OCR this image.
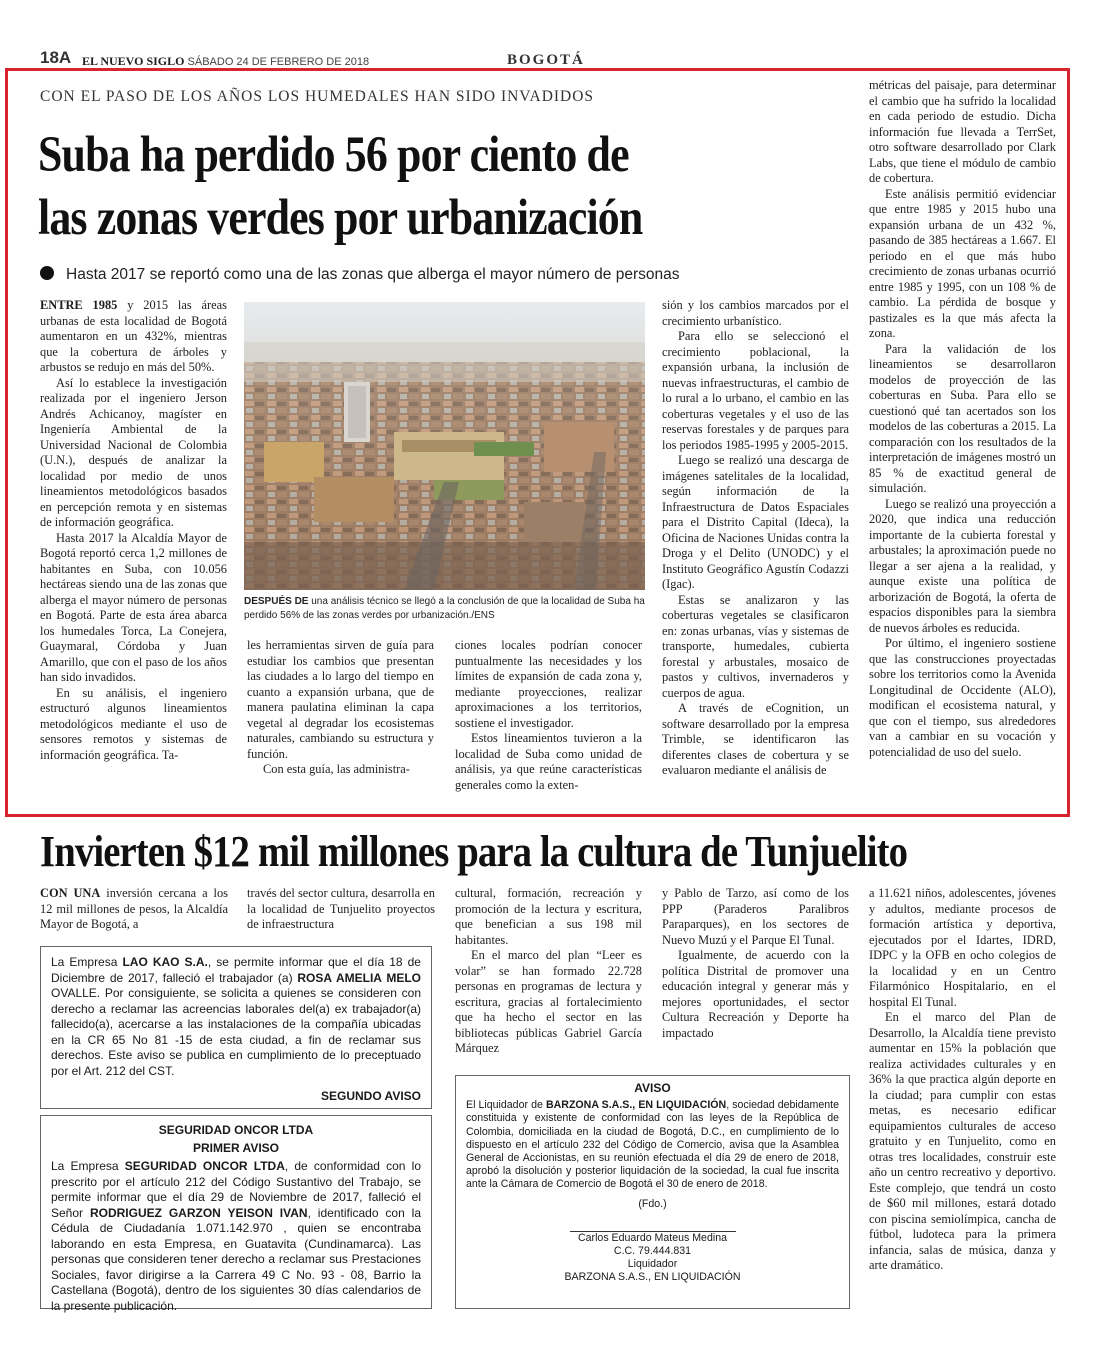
18A EL NUEVO SIGLO SÁBADO 24 DE FEBRERO DE 2018	BOGOTÁ
CON EL PASO DE LOS AÑOS LOS HUMEDALES HAN SIDO INVADIDOS
Suba ha perdido 56 por ciento de
las zonas verdes por urbanización
Hasta 2017 se reportó como una de las zonas que alberga el mayor número de personas
ENTRE 1985 y 2015 las áreas urbanas de esta localidad de Bogotá aumentaron en un 432%, mientras que la cobertura de árboles y arbustos se redujo en más del 50%.
Así lo establece la investigación realizada por el ingeniero Jerson Andrés Achicanoy, magíster en Ingeniería Ambiental de la Universidad Nacional de Colombia (U.N.), después de analizar la localidad por medio de unos lineamientos metodológicos basados en percepción remota y en sistemas de información geográfica.
Hasta 2017 la Alcaldía Mayor de Bogotá reportó cerca 1,2 millones de habitantes en Suba, con 10.056 hectáreas siendo una de las zonas que alberga el mayor número de personas en Bogotá. Parte de esta área abarca los humedales Torca, La Conejera, Guaymaral, Córdoba y Juan Amarillo, que con el paso de los años han sido invadidos.
En su análisis, el ingeniero estructuró algunos lineamientos metodológicos mediante el uso de sensores remotos y sistemas de información geográfica. Ta-
DESPUÉS DE una análisis técnico se llegó a la conclusión de que la localidad de Suba ha perdido 56% de las zonas verdes por urbanización./ENS
les herramientas sirven de guía para estudiar los cambios que presentan las ciudades a lo largo del tiempo en cuanto a expansión urbana, que de manera paulatina eliminan la capa vegetal al degradar los ecosistemas naturales, cambiando su estructura y función.
Con esta guía, las administra-
ciones locales podrían conocer puntualmente las necesidades y los límites de expansión de cada zona y, mediante proyecciones, realizar aproximaciones a los territorios, sostiene el investigador.
Estos lineamientos tuvieron a la localidad de Suba como unidad de análisis, ya que reúne características generales como la exten-
sión y los cambios marcados por el crecimiento urbanístico.
Para ello se seleccionó el crecimiento poblacional, la expansión urbana, la inclusión de nuevas infraestructuras, el cambio de lo rural a lo urbano, el cambio en las coberturas vegetales y el uso de las reservas forestales y de parques para los periodos 1985-1995 y 2005-2015.
Luego se realizó una descarga de imágenes satelitales de la localidad, según información de la Infraestructura de Datos Espaciales para el Distrito Capital (Ideca), la Oficina de Naciones Unidas contra la Droga y el Delito (UNODC) y el Instituto Geográfico Agustín Codazzi (Igac).
Estas se analizaron y las coberturas vegetales se clasificaron en: zonas urbanas, vías y sistemas de transporte, humedales, cubierta forestal y arbustales, mosaico de pastos y cultivos, invernaderos y cuerpos de agua.
A través de eCognition, un software desarrollado por la empresa Trimble, se identificaron las diferentes clases de cobertura y se evaluaron mediante el análisis de
métricas del paisaje, para determinar el cambio que ha sufrido la localidad en cada periodo de estudio. Dicha información fue llevada a TerrSet, otro software desarrollado por Clark Labs, que tiene el módulo de cambio de cobertura.
Este análisis permitió evidenciar que entre 1985 y 2015 hubo una expansión urbana de un 432 %, pasando de 385 hectáreas a 1.667. El periodo en el que más hubo crecimiento de zonas urbanas ocurrió entre 1985 y 1995, con un 108 % de cambio. La pérdida de bosque y pastizales es la que más afecta la zona.
Para la validación de los lineamientos se desarrollaron modelos de proyección de las coberturas en Suba. Para ello se cuestionó qué tan acertados son los modelos de las coberturas a 2015. La comparación con los resultados de la interpretación de imágenes mostró un 85 % de exactitud general de simulación.
Luego se realizó una proyección a 2020, que indica una reducción importante de la cubierta forestal y arbustales; la aproximación puede no llegar a ser ajena a la realidad, y aunque existe una política de arborización de Bogotá, la oferta de espacios disponibles para la siembra de nuevos árboles es reducida.
Por último, el ingeniero sostiene que las construcciones proyectadas sobre los territorios como la Avenida Longitudinal de Occidente (ALO), modifican el ecosistema natural, y que con el tiempo, sus alrededores van a cambiar en su vocación y potencialidad de uso del suelo.
Invierten $12 mil millones para la cultura de Tunjuelito
CON UNA inversión cercana a los 12 mil millones de pesos, la Alcaldía Mayor de Bogotá, a
través del sector cultura, desarrolla en la localidad de Tunjuelito proyectos de infraestructura
cultural, formación, recreación y promoción de la lectura y escritura, que benefician a sus 198 mil habitantes.
En el marco del plan “Leer es volar” se han formado 22.728 personas en programas de lectura y escritura, gracias al fortalecimiento que ha hecho el sector en las bibliotecas públicas Gabriel García Márquez
y Pablo de Tarzo, así como de los PPP (Paraderos Paralibros Paraparques), en los sectores de Nuevo Muzú y el Parque El Tunal.
Igualmente, de acuerdo con la política Distrital de promover una educación integral y generar más y mejores oportunidades, el sector Cultura Recreación y Deporte ha impactado
a 11.621 niños, adolescentes, jóvenes y adultos, mediante procesos de formación artística y deportiva, ejecutados por el Idartes, IDRD, IDPC y la OFB en ocho colegios de la localidad y en un Centro Filarmónico Hospitalario, en el hospital El Tunal.
En el marco del Plan de Desarrollo, la Alcaldía tiene previsto aumentar en 15% la población que realiza actividades culturales y en 36% la que practica algún deporte en la ciudad; para cumplir con estas metas, es necesario edificar equipamientos culturales de acceso gratuito y en Tunjuelito, como en otras tres localidades, construir este año un centro recreativo y deportivo. Este complejo, que tendrá un costo de $60 mil millones, estará dotado con piscina semiolímpica, cancha de fútbol, ludoteca para la primera infancia, salas de música, danza y arte dramático.
La Empresa LAO KAO S.A., se permite informar que el día 18 de Diciembre de 2017, falleció el trabajador (a) ROSA AMELIA MELO OVALLE. Por consiguiente, se solicita a quienes se consideren con derecho a reclamar las acreencias laborales del(a) ex trabajador(a) fallecido(a), acercarse a las instalaciones de la compañía ubicadas en la CR 65 No 81 -15 de esta ciudad, a fin de reclamar sus derechos. Este aviso se publica en cumplimiento de lo preceptuado por el Art. 212 del CST.
SEGUNDO AVISO
SEGURIDAD ONCOR LTDA
PRIMER AVISO
La Empresa SEGURIDAD ONCOR LTDA, de conformidad con lo prescrito por el artículo 212 del Código Sustantivo del Trabajo, se permite informar que el día 29 de Noviembre de 2017, falleció el Señor RODRIGUEZ GARZON YEISON IVAN, identificado con la Cédula de Ciudadanía 1.071.142.970 , quien se encontraba laborando en esta Empresa, en Guatavita (Cundinamarca). Las personas que consideren tener derecho a reclamar sus Prestaciones Sociales, favor dirigirse a la Carrera 49 C No. 93 - 08, Barrio la Castellana (Bogotá), dentro de los siguientes 30 días calendarios de la presente publicación.
AVISO
El Liquidador de BARZONA S.A.S., EN LIQUIDACIÓN, sociedad debidamente constituida y existente de conformidad con las leyes de la República de Colombia, domiciliada en la ciudad de Bogotá, D.C., en cumplimiento de lo dispuesto en el artículo 232 del Código de Comercio, avisa que la Asamblea General de Accionistas, en su reunión efectuada el día 29 de enero de 2018, aprobó la disolución y posterior liquidación de la sociedad, la cual fue inscrita ante la Cámara de Comercio de Bogotá el 30 de enero de 2018.
(Fdo.)
Carlos Eduardo Mateus Medina
C.C. 79.444.831
Liquidador
BARZONA S.A.S., EN LIQUIDACIÓN
